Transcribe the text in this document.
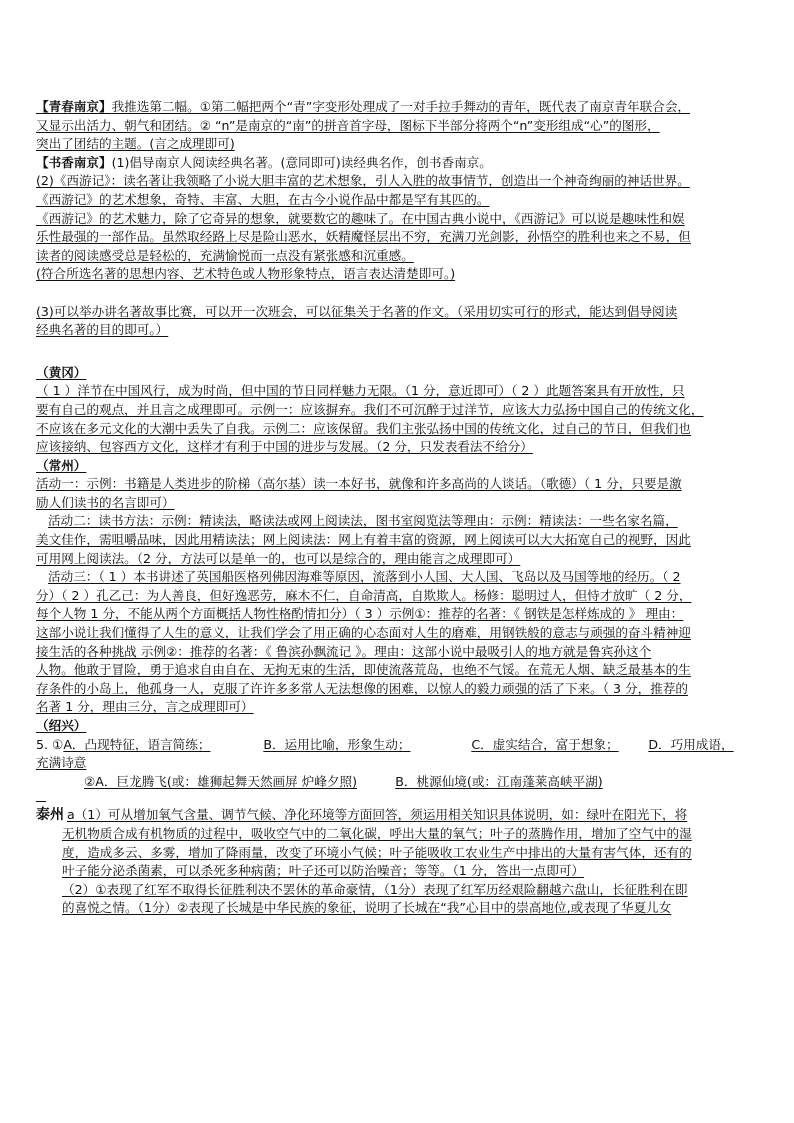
【青春南京】我推选第二幅。①第二幅把两个“青”字变形处理成了一对手拉手舞动的青年，既代表了南京青年联合会，
又显示出活力、朝气和团结。② “n”是南京的“南”的拼音首字母，图标下半部分将两个“n”变形组成“心”的图形，
突出了团结的主题。(言之成理即可)
【书香南京】(1)倡导南京人阅读经典名著。(意同即可)读经典名作，创书香南京。
(2)《西游记》：读名著让我领略了小说大胆丰富的艺术想象，引人入胜的故事情节，创造出一个神奇绚丽的神话世界。
《西游记》的艺术想象，奇特、丰富、大胆，在古今小说作品中都是罕有其匹的。
《西游记》的艺术魅力，除了它奇异的想象，就要数它的趣味了。在中国古典小说中，《西游记》可以说是趣味性和娱
乐性最强的一部作品。虽然取经路上尽是险山恶水，妖精魔怪层出不穷，充满刀光剑影，孙悟空的胜利也来之不易，但
读者的阅读感受总是轻松的，充满愉悦而一点没有紧张感和沉重感。
(符合所选名著的思想内容、艺术特色或人物形象特点，语言表达清楚即可。)
(3)可以举办讲名著故事比赛，可以开一次班会，可以征集关于名著的作文。（采用切实可行的形式，能达到倡导阅读
经典名著的目的即可。）
（黄冈）
（ 1 ）洋节在中国风行，成为时尚，但中国的节日同样魅力无限。（1 分，意近即可）（ 2 ）此题答案具有开放性，只
要有自己的观点，并且言之成理即可。示例一：应该摒弃。我们不可沉醉于过洋节，应该大力弘扬中国自己的传统文化，
不应该在多元文化的大潮中丢失了自我。示例二：应该保留。我们主张弘扬中国的传统文化，过自己的节日，但我们也
应该接纳、包容西方文化，这样才有利于中国的进步与发展。（2 分，只发表看法不给分）
（常州）
活动一：示例：书籍是人类进步的阶梯（高尔基）读一本好书，就像和许多高尚的人谈话。（歌德）（ 1 分，只要是激
励人们读书的名言即可）
活动二：读书方法：示例：精读法，略读法或网上阅读法，图书室阅览法等理由：示例：精读法：一些名家名篇，
美文佳作，需咀嚼品味，因此用精读法；网上阅读法：网上有着丰富的资源，网上阅读可以大大拓宽自己的视野，因此
可用网上阅读法。（2 分，方法可以是单一的，也可以是综合的，理由能言之成理即可）
活动三：（ 1 ）本书讲述了英国船医格列佛因海难等原因，流落到小人国、大人国、飞岛以及马国等地的经历。（ 2
分）（ 2 ）孔乙己：为人善良，但好逸恶劳，麻木不仁，自命清高，自欺欺人。杨修：聪明过人，但恃才放旷（ 2 分，
每个人物 1 分，不能从两个方面概括人物性格酌情扣分）（ 3 ）示例①：推荐的名著：《 钢铁是怎样炼成的 》 理由：
这部小说让我们懂得了人生的意义，让我们学会了用正确的心态面对人生的磨难，用钢铁般的意志与顽强的奋斗精神迎
接生活的各种挑战 示例②：推荐的名著：《 鲁滨孙飘流记 》。理由：这部小说中最吸引人的地方就是鲁宾孙这个
人物。他敢于冒险，勇于追求自由自在、无拘无束的生活，即使流落荒岛，也绝不气馁。在荒无人烟、缺乏最基本的生
存条件的小岛上，他孤身一人，克服了许许多多常人无法想像的困难，以惊人的毅力顽强的活了下来。（ 3 分，推荐的
名著 1 分，理由三分，言之成理即可）
（绍兴）
5. ①A．凸现特征，语言简练；	B．运用比喻，形象生动；	C．虚实结合，富于想象； D．巧用成语，
充满诗意
②A．巨龙腾飞(或：雄狮起舞天然画屏 炉峰夕照)	B．桃源仙境(或：江南蓬莱高峡平湖)
泰州 a（1）可从增加氧气含量、调节气候、净化环境等方面回答，须运用相关知识具体说明，如：绿叶在阳光下，将
无机物质合成有机物质的过程中，吸收空气中的二氧化碳，呼出大量的氧气；叶子的蒸腾作用，增加了空气中的湿
度，造成多云、多雾，增加了降雨量，改变了环境小气候；叶子能吸收工农业生产中排出的大量有害气体，还有的
叶子能分泌杀菌素，可以杀死多种病菌；叶子还可以防治噪音；等等。（1 分，答出一点即可）
（2）①表现了红军不取得长征胜利决不罢休的革命豪情，（1分）表现了红军历经艰险翻越六盘山，长征胜利在即
的喜悦之情。（1分）②表现了长城是中华民族的象征，说明了长城在“我”心目中的崇高地位,或表现了华夏儿女
